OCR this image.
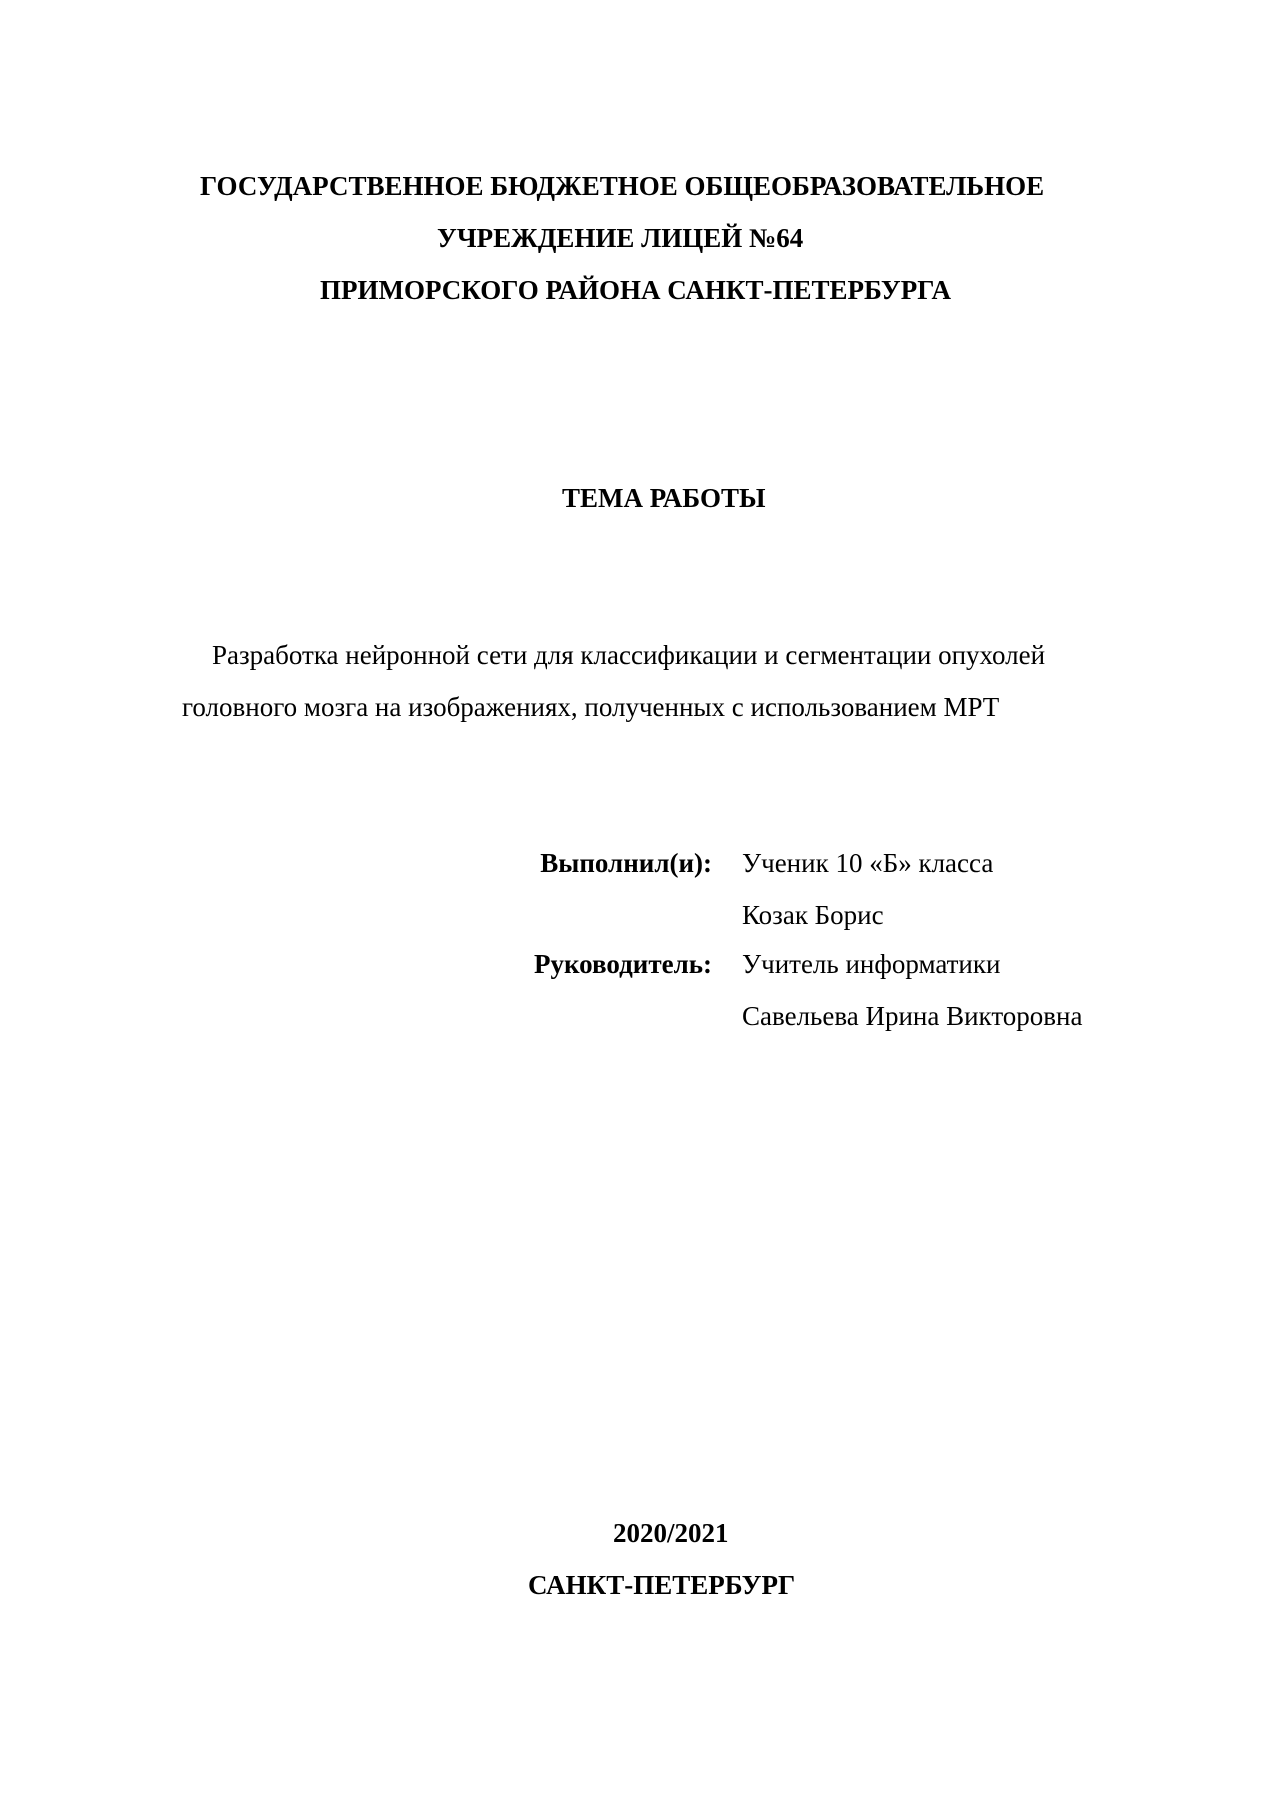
ГОСУДАРСТВЕННОЕ БЮДЖЕТНОЕ ОБЩЕОБРАЗОВАТЕЛЬНОЕ
УЧРЕЖДЕНИЕ ЛИЦЕЙ №64
ПРИМОРСКОГО РАЙОНА САНКТ-ПЕТЕРБУРГА
ТЕМА РАБОТЫ
Разработка нейронной сети для классификации и сегментации опухолей
головного мозга на изображениях, полученных с использованием МРТ
Выполнил(и): Ученик 10 «Б» класса
Козак Борис
Руководитель: Учитель информатики
Савельева Ирина Викторовна
2020/2021
САНКТ-ПЕТЕРБУРГ
